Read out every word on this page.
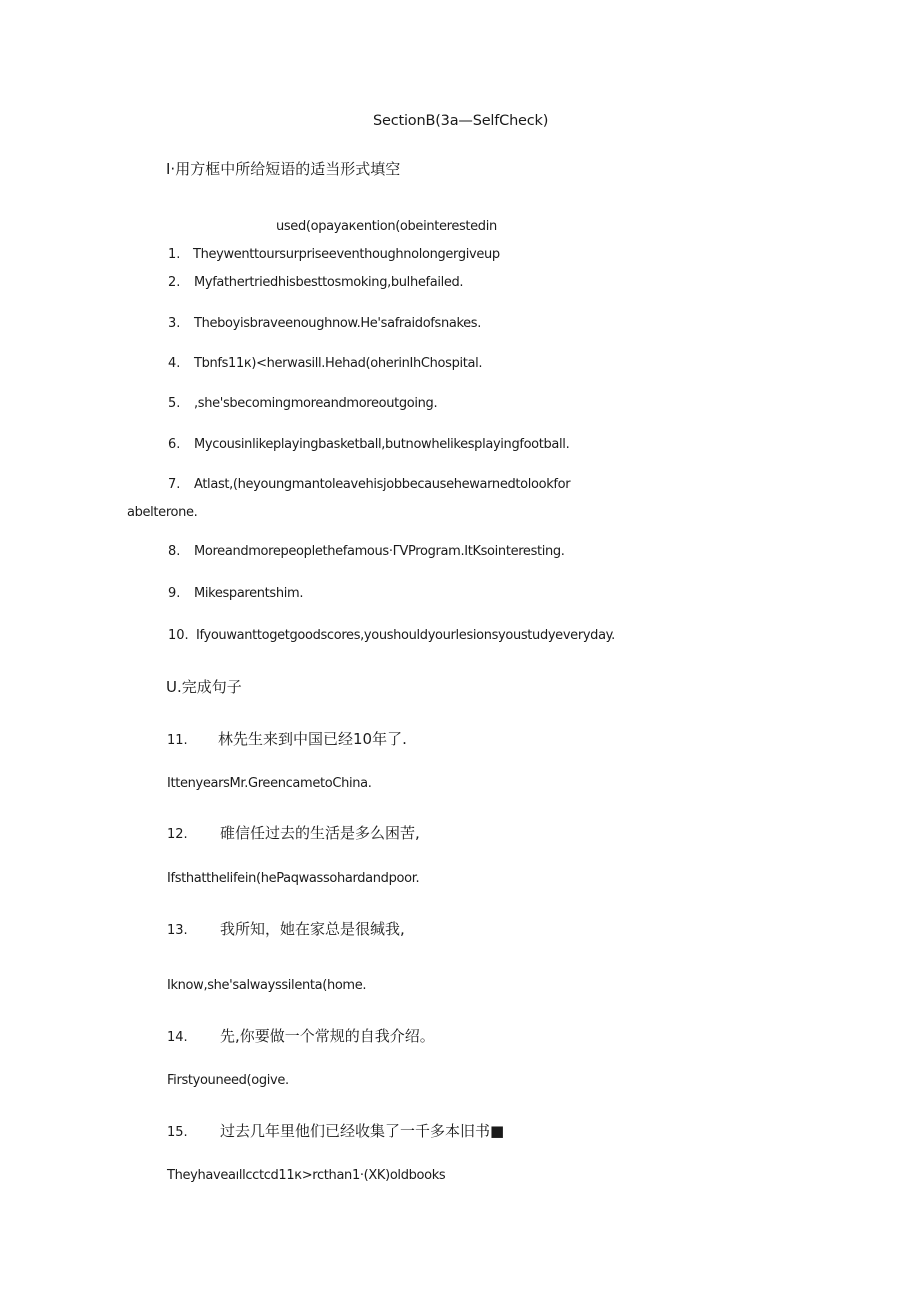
SectionB(3a—SelfCheck)
I·用方框中所给短语的适当形式填空
used(opayaкention(obeinterestedin
Theywenttoursurpriseeventhoughnolongergiveup
1.
2. Myfathertriedhisbesttosmoking,bulhefailed.
3. Theboyisbraveenoughnow.He'safraidofsnakes.
4. Tbnfs11к)<herwasill.Hehad(oherinIhChospital.
5. ,she'sbecomingmoreandmoreoutgoing.
6. Mycousinlikeplayingbasketball,butnowhelikesplayingfootball.
7. Atlast,(heyoungmantoleavehisjobbecausehewarnedtolookfor
abelterone.
8. Moreandmorepeoplethefamous·ΓVProgram.ItKsointeresting.
9. Mikesparentshim.
10. Ifyouwanttogetgoodscores,youshouldyourlesionsyoustudyeveryday.
U.完成句子
11. 林先生来到中国已经10年了.
IttenyearsMr.GreencametoChina.
12. 碓信任过去的生活是多么困苦,
Ifsthatthelifein(hePaqwassohardandpoor.
13. 我所知，她在家总是很缄我,
Iknow,she'salwayssilenta(home.
14. 先,你要做一个常规的自我介绍。
Firstyouneed(ogive.
15. 过去几年里他们已经收集了一千多本旧书■
Theyhaveaıllcctcd11к>rcthan1·(XK)oldbooks
